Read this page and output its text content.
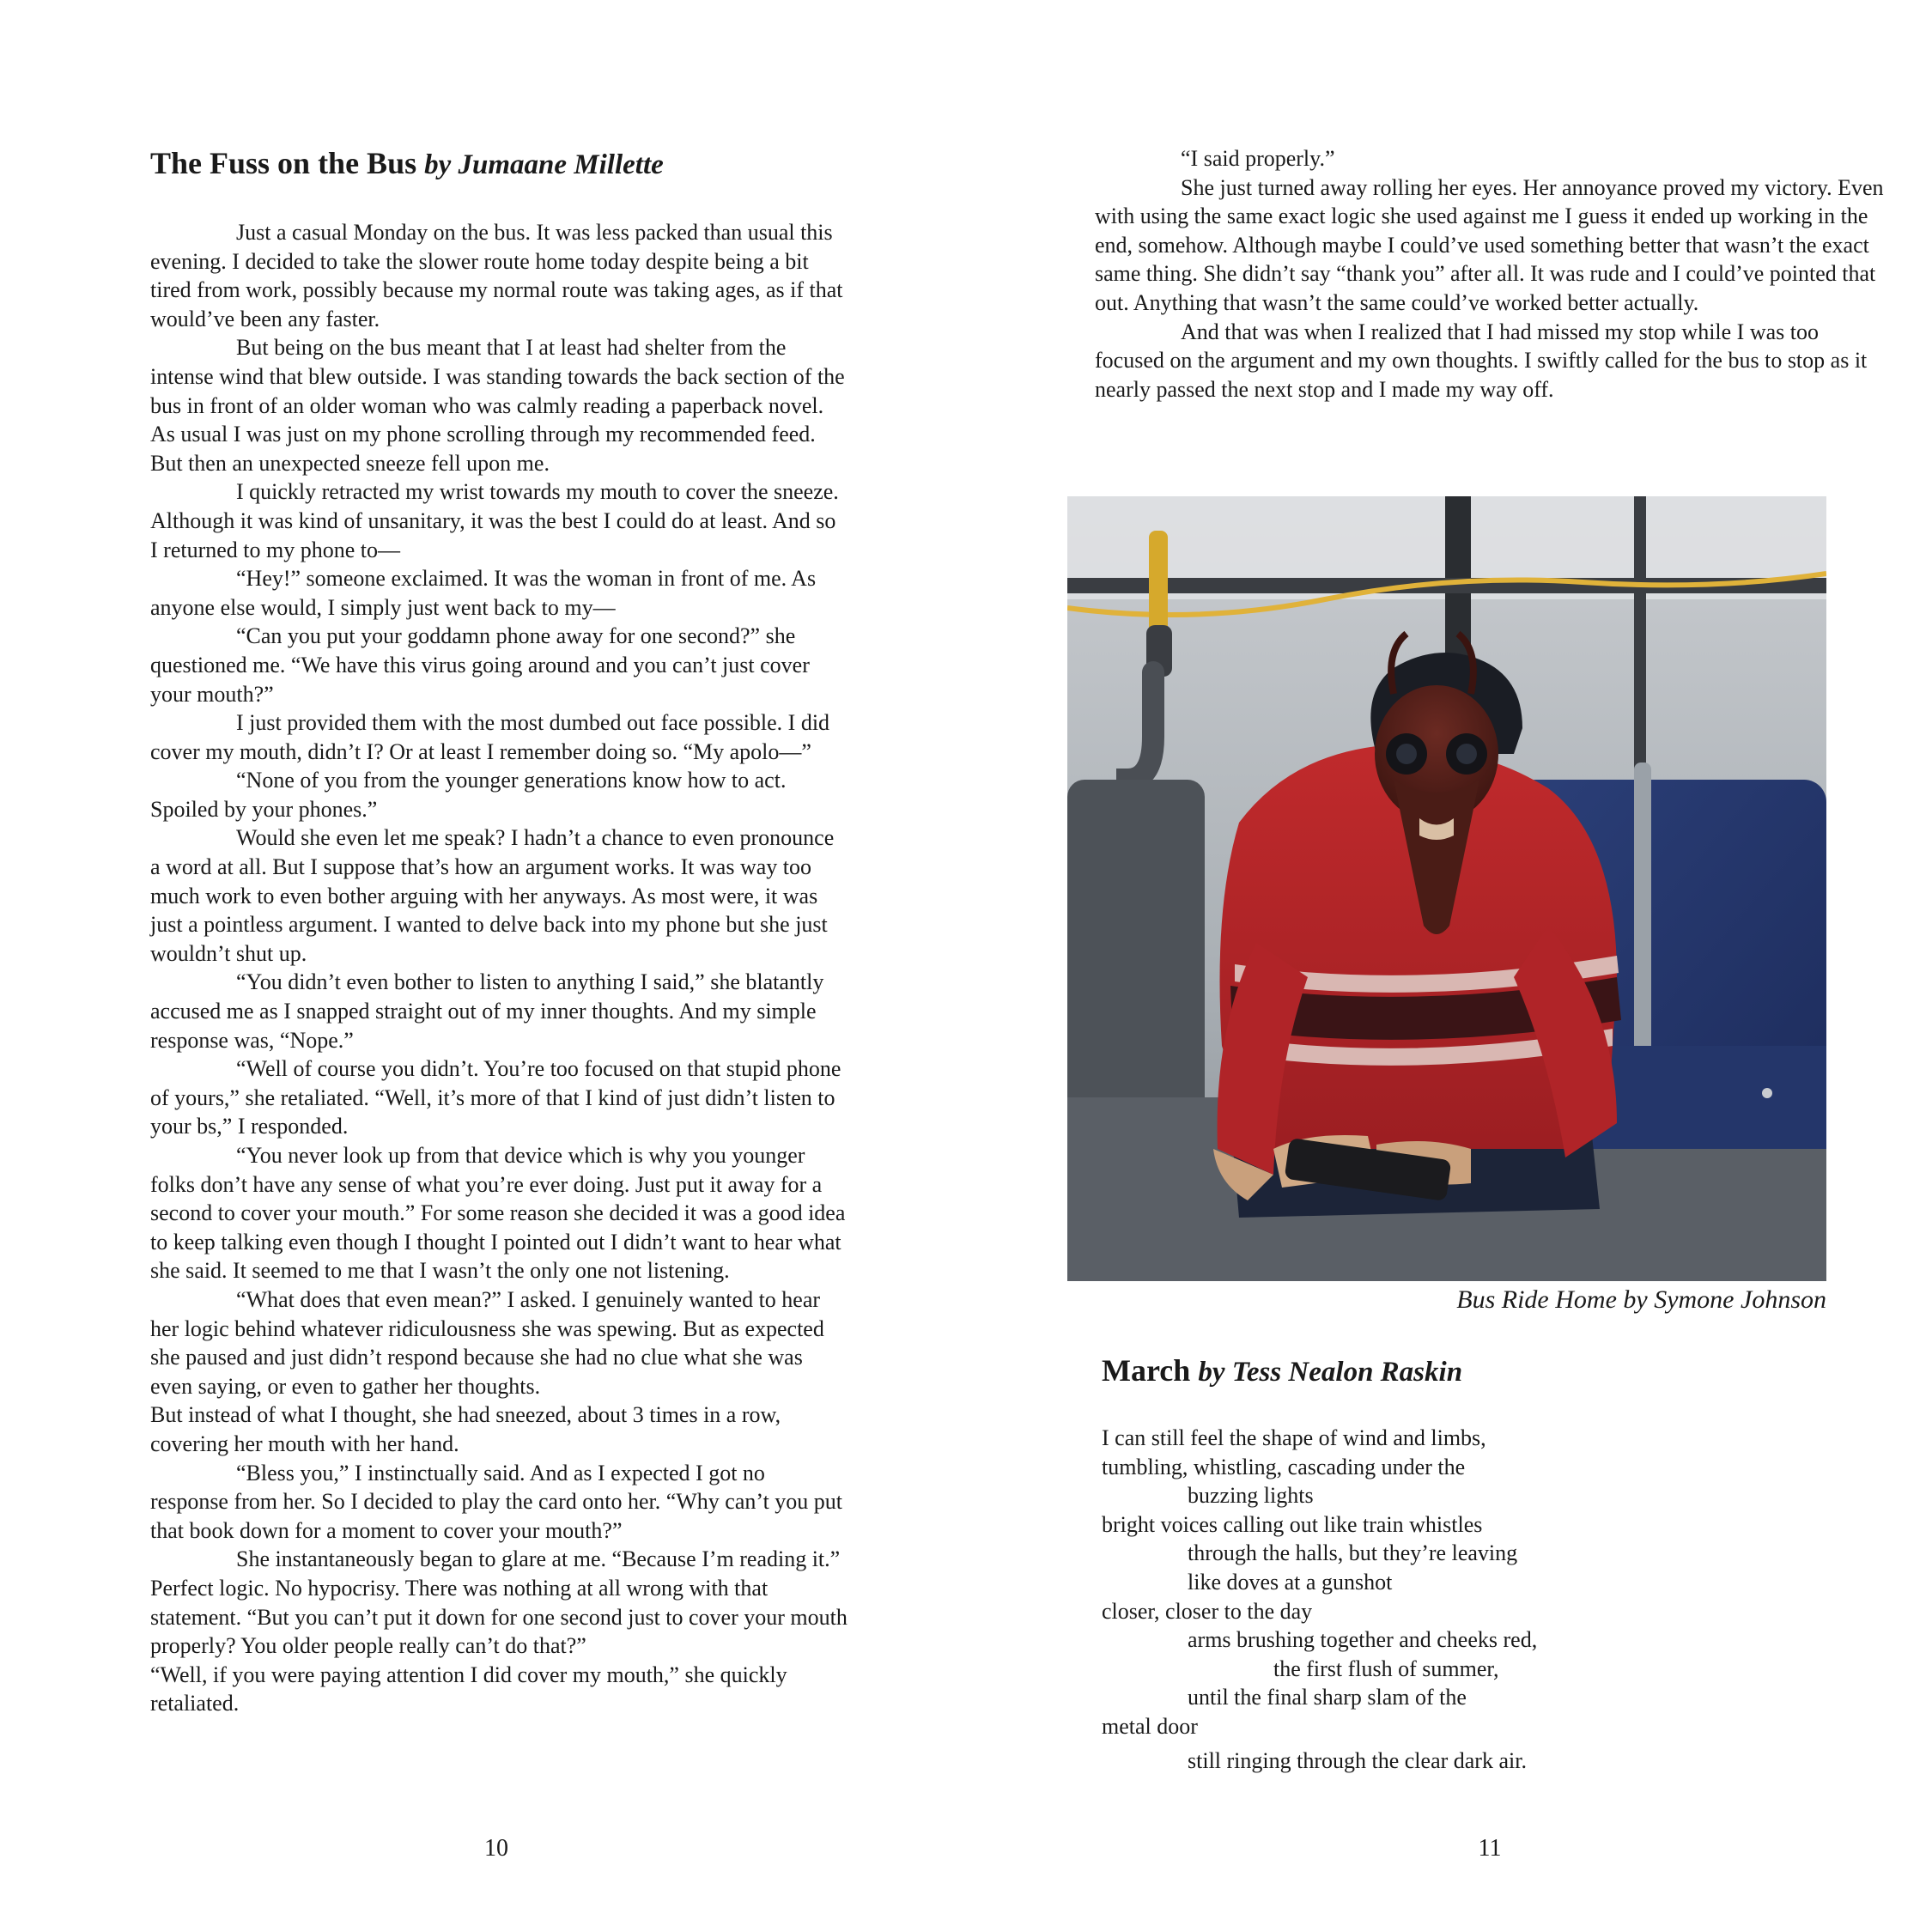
The Fuss on the Bus by Jumaane Millette

Just a casual Monday on the bus. It was less packed than usual this evening. I decided to take the slower route home today despite being a bit tired from work, possibly because my normal route was taking ages, as if that would’ve been any faster.

But being on the bus meant that I at least had shelter from the intense wind that blew outside. I was standing towards the back section of the bus in front of an older woman who was calmly reading a paperback novel. As usual I was just on my phone scrolling through my recommended feed. But then an unexpected sneeze fell upon me.

I quickly retracted my wrist towards my mouth to cover the sneeze. Although it was kind of unsanitary, it was the best I could do at least. And so I returned to my phone to—

“Hey!” someone exclaimed. It was the woman in front of me. As anyone else would, I simply just went back to my—

“Can you put your goddamn phone away for one second?” she questioned me. “We have this virus going around and you can’t just cover your mouth?”

I just provided them with the most dumbed out face possible. I did cover my mouth, didn’t I? Or at least I remember doing so. “My apolo—”

“None of you from the younger generations know how to act. Spoiled by your phones.”

Would she even let me speak? I hadn’t a chance to even pronounce a word at all. But I suppose that’s how an argument works. It was way too much work to even bother arguing with her anyways. As most were, it was just a pointless argument. I wanted to delve back into my phone but she just wouldn’t shut up.

“You didn’t even bother to listen to anything I said,” she blatantly accused me as I snapped straight out of my inner thoughts. And my simple response was, “Nope.”

“Well of course you didn’t. You’re too focused on that stupid phone of yours,” she retaliated. “Well, it’s more of that I kind of just didn’t listen to your bs,” I responded.

“You never look up from that device which is why you younger folks don’t have any sense of what you’re ever doing. Just put it away for a second to cover your mouth.” For some reason she decided it was a good idea to keep talking even though I thought I pointed out I didn’t want to hear what she said. It seemed to me that I wasn’t the only one not listening.

“What does that even mean?” I asked. I genuinely wanted to hear her logic behind whatever ridiculousness she was spewing. But as expected she paused and just didn’t respond because she had no clue what she was even saying, or even to gather her thoughts.

But instead of what I thought, she had sneezed, about 3 times in a row, covering her mouth with her hand.

“Bless you,” I instinctually said. And as I expected I got no response from her. So I decided to play the card onto her. “Why can’t you put that book down for a moment to cover your mouth?”

She instantaneously began to glare at me. “Because I’m reading it.” Perfect logic. No hypocrisy. There was nothing at all wrong with that statement. “But you can’t put it down for one second just to cover your mouth properly? You older people really can’t do that?”

“Well, if you were paying attention I did cover my mouth,” she quickly retaliated.

10

“I said properly.”

She just turned away rolling her eyes. Her annoyance proved my victory. Even with using the same exact logic she used against me I guess it ended up working in the end, somehow. Although maybe I could’ve used something better that wasn’t the exact same thing. She didn’t say “thank you” after all. It was rude and I could’ve pointed that out. Anything that wasn’t the same could’ve worked better actually.

And that was when I realized that I had missed my stop while I was too focused on the argument and my own thoughts. I swiftly called for the bus to stop as it nearly passed the next stop and I made my way off.

Bus Ride Home by Symone Johnson
March by Tess Nealon Raskin
I can still feel the shape of wind and limbs,
tumbling, whistling, cascading under the
buzzing lights
bright voices calling out like train whistles
through the halls, but they’re leaving
like doves at a gunshot
closer, closer to the day
arms brushing together and cheeks red,
the first flush of summer,
until the final sharp slam of the
metal door
still ringing through the clear dark air.
11
